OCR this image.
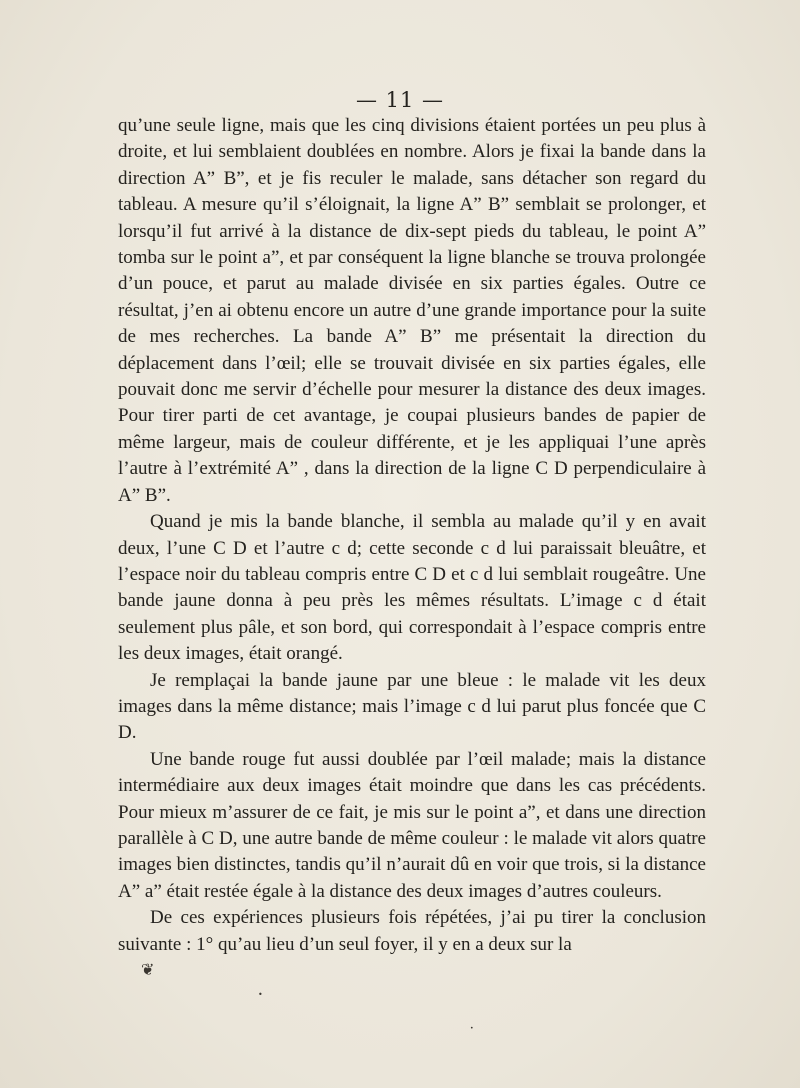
— 11 —

qu’une seule ligne, mais que les cinq divisions étaient portées un peu plus à droite, et lui semblaient doublées en nombre. Alors je fixai la bande dans la direction A” B”, et je fis reculer le malade, sans détacher son regard du tableau. A mesure qu’il s’éloignait, la ligne A” B” semblait se prolonger, et lorsqu’il fut arrivé à la distance de dix-sept pieds du tableau, le point A” tomba sur le point a”, et par conséquent la ligne blanche se trouva prolongée d’un pouce, et parut au malade divisée en six parties égales. Outre ce résultat, j’en ai obtenu encore un autre d’une grande importance pour la suite de mes recherches. La bande A” B” me présentait la direction du déplacement dans l’œil; elle se trouvait divisée en six parties égales, elle pouvait donc me servir d’échelle pour mesurer la distance des deux images. Pour tirer parti de cet avantage, je coupai plusieurs bandes de papier de même largeur, mais de couleur différente, et je les appliquai l’une après l’autre à l’extrémité A” , dans la direction de la ligne C D perpendiculaire à A” B”.

Quand je mis la bande blanche, il sembla au malade qu’il y en avait deux, l’une C D et l’autre c d; cette seconde c d lui paraissait bleuâtre, et l’espace noir du tableau compris entre C D et c d lui semblait rougeâtre. Une bande jaune donna à peu près les mêmes résultats. L’image c d était seulement plus pâle, et son bord, qui correspondait à l’espace compris entre les deux images, était orangé.

Je remplaçai la bande jaune par une bleue : le malade vit les deux images dans la même distance; mais l’image c d lui parut plus foncée que C D.

Une bande rouge fut aussi doublée par l’œil malade; mais la distance intermédiaire aux deux images était moindre que dans les cas précédents. Pour mieux m’assurer de ce fait, je mis sur le point a”, et dans une direction parallèle à C D, une autre bande de même couleur : le malade vit alors quatre images bien distinctes, tandis qu’il n’aurait dû en voir que trois, si la distance A” a” était restée égale à la distance des deux images d’autres couleurs.

De ces expériences plusieurs fois répétées, j’ai pu tirer la conclusion suivante : 1° qu’au lieu d’un seul foyer, il y en a deux sur la

❦
•
•
